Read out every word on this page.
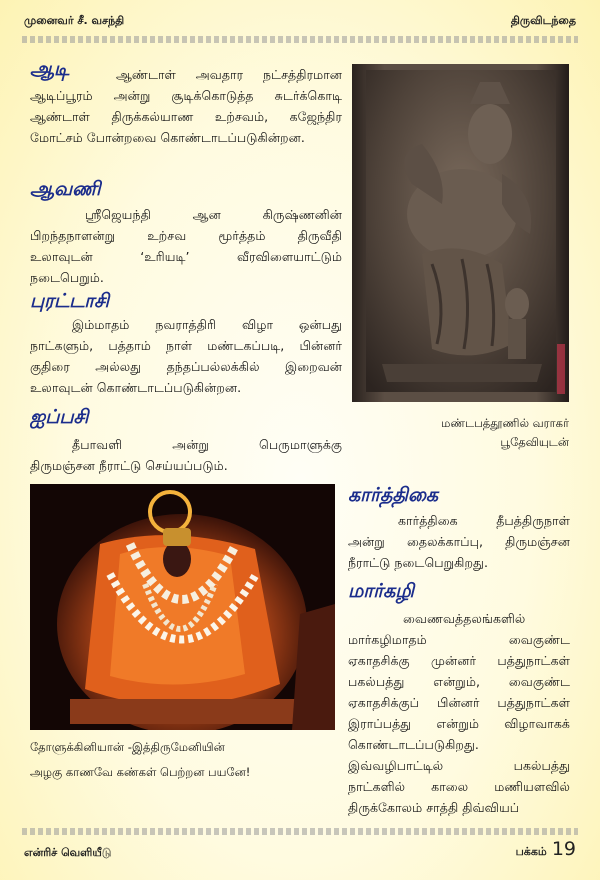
முனைவர் சீ. வசந்தி	திருவிடந்தை
ஆடி	ஆண்டாள் அவதார நட்சத்திரமான
ஆடிப்பூரம் அன்று சூடிக்கொடுத்த சுடர்க்கொடி
ஆண்டாள் திருக்கல்யாண உற்சவம், கஜேந்திர
மோட்சம் போன்றவை கொண்டாடப்படுகின்றன.
ஆவணி
ஸ்ரீஜெயந்தி ஆன கிருஷ்ணனின்
பிறந்தநாளன்று உற்சவ மூர்த்தம் திருவீதி
உலாவுடன் ‘உரியடி’ வீரவிளையாட்டும்
நடைபெறும்.
புரட்டாசி
இம்மாதம் நவராத்திரி விழா ஒன்பது
நாட்களும், பத்தாம் நாள் மண்டகப்படி, பின்னர்
குதிரை அல்லது தந்தப்பல்லக்கில் இறைவன்
உலாவுடன் கொண்டாடப்படுகின்றன.
ஐப்பசி
தீபாவளி அன்று பெருமாளுக்கு
திருமஞ்சன நீராட்டு செய்யப்படும்.
மண்டபத்தூணில் வராகர்
பூதேவியுடன்
தோளுக்கினியான் -இத்திருமேனியின்
அழகு காணவே கண்கள் பெற்றன பயனே!
கார்த்திகை
கார்த்திகை தீபத்திருநாள்
அன்று தைலக்காப்பு, திருமஞ்சன
நீராட்டு நடைபெறுகிறது.
மார்கழி
வைணவத்தலங்களில்
மார்கழிமாதம் வைகுண்ட
ஏகாதசிக்கு முன்னர் பத்துநாட்கள்
பகல்பத்து என்றும், வைகுண்ட
ஏகாதசிக்குப் பின்னர் பத்துநாட்கள்
இராப்பத்து என்றும் விழாவாகக்
கொண்டாடப்படுகிறது.
இவ்வழிபாட்டில் பகல்பத்து
நாட்களில் காலை மணியளவில்
திருக்கோலம் சாத்தி திவ்வியப்
என்ரிச் வெளியீடு	பக்கம் 19
